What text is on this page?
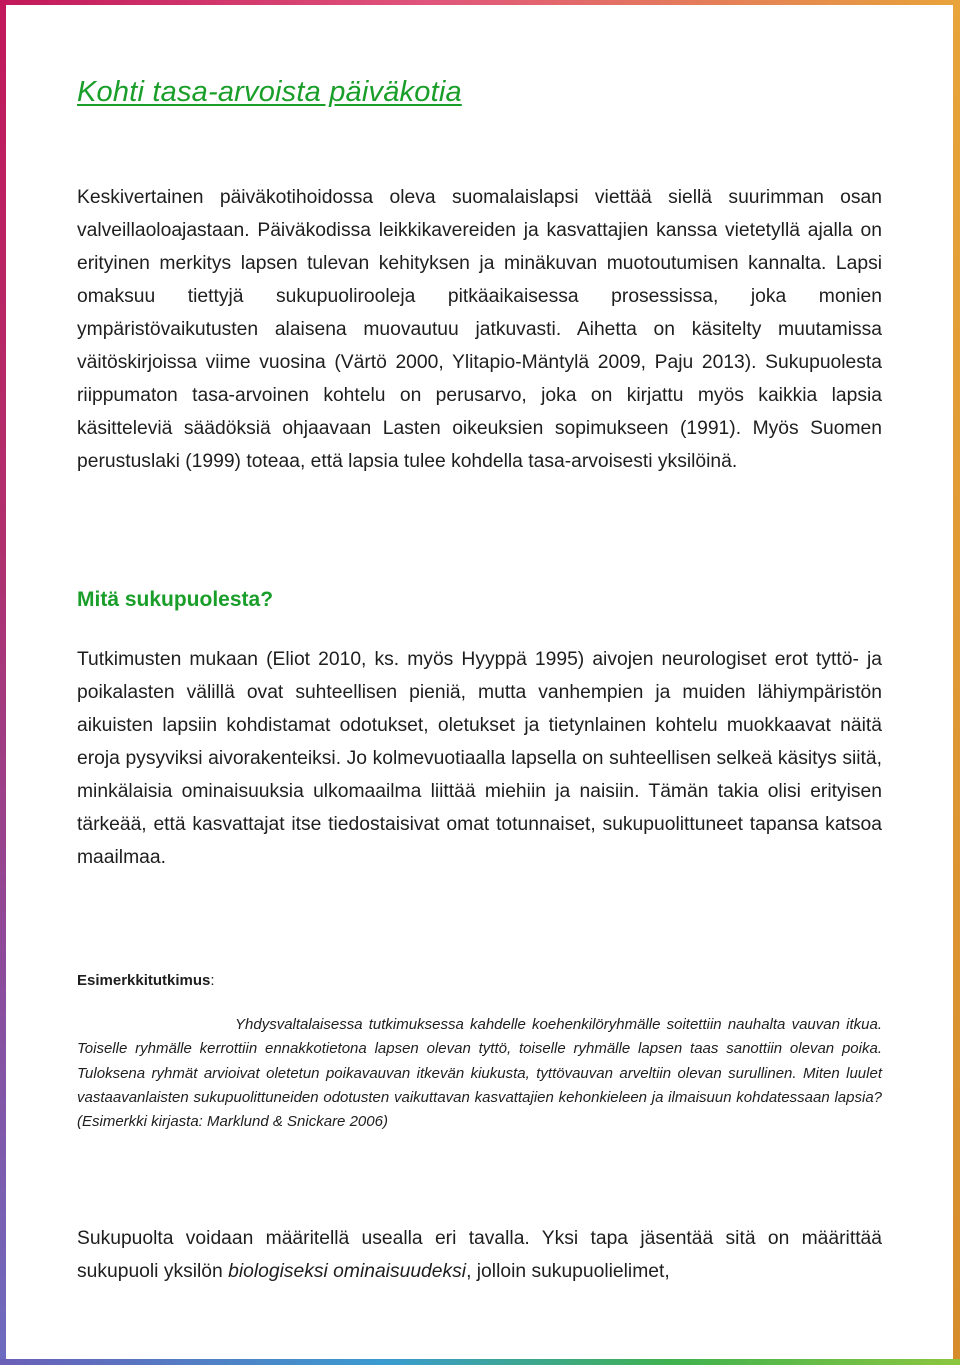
Kohti tasa-arvoista päiväkotia

Keskivertainen päiväkotihoidossa oleva suomalaislapsi viettää siellä suurimman osan valveillaoloajastaan. Päiväkodissa leikkikavereiden ja kasvattajien kanssa vietetyllä ajalla on erityinen merkitys lapsen tulevan kehityksen ja minäkuvan muotoutumisen kannalta. Lapsi omaksuu tiettyjä sukupuolirooleja pitkäaikaisessa prosessissa, joka monien ympäristövaikutusten alaisena muovautuu jatkuvasti. Aihetta on käsitelty muutamissa väitöskirjoissa viime vuosina (Värtö 2000, Ylitapio-Mäntylä 2009, Paju 2013). Sukupuolesta riippumaton tasa-arvoinen kohtelu on perusarvo, joka on kirjattu myös kaikkia lapsia käsitteleviä säädöksiä ohjaavaan Lasten oikeuksien sopimukseen (1991). Myös Suomen perustuslaki (1999) toteaa, että lapsia tulee kohdella tasa-arvoisesti yksilöinä.

Mitä sukupuolesta?

Tutkimusten mukaan (Eliot 2010, ks. myös Hyyppä 1995) aivojen neurologiset erot tyttö- ja poikalasten välillä ovat suhteellisen pieniä, mutta vanhempien ja muiden lähiympäristön aikuisten lapsiin kohdistamat odotukset, oletukset ja tietynlainen kohtelu muokkaavat näitä eroja pysyviksi aivorakenteiksi. Jo kolmevuotiaalla lapsella on suhteellisen selkeä käsitys siitä, minkälaisia ominaisuuksia ulkomaailma liittää miehiin ja naisiin. Tämän takia olisi erityisen tärkeää, että kasvattajat itse tiedostaisivat omat totunnaiset, sukupuolittuneet tapansa katsoa maailmaa.

Esimerkkitutkimus:

Yhdysvaltalaisessa tutkimuksessa kahdelle koehenkilöryhmälle soitettiin nauhalta vauvan itkua. Toiselle ryhmälle kerrottiin ennakkotietona lapsen olevan tyttö, toiselle ryhmälle lapsen taas sanottiin olevan poika. Tuloksena ryhmät arvioivat oletetun poikavauvan itkevän kiukusta, tyttövauvan arveltiin olevan surullinen. Miten luulet vastaavanlaisten sukupuolittuneiden odotusten vaikuttavan kasvattajien kehonkieleen ja ilmaisuun kohdatessaan lapsia? (Esimerkki kirjasta: Marklund & Snickare 2006)

Sukupuolta voidaan määritellä usealla eri tavalla. Yksi tapa jäsentää sitä on määrittää sukupuoli yksilön biologiseksi ominaisuudeksi, jolloin sukupuolielimet,
